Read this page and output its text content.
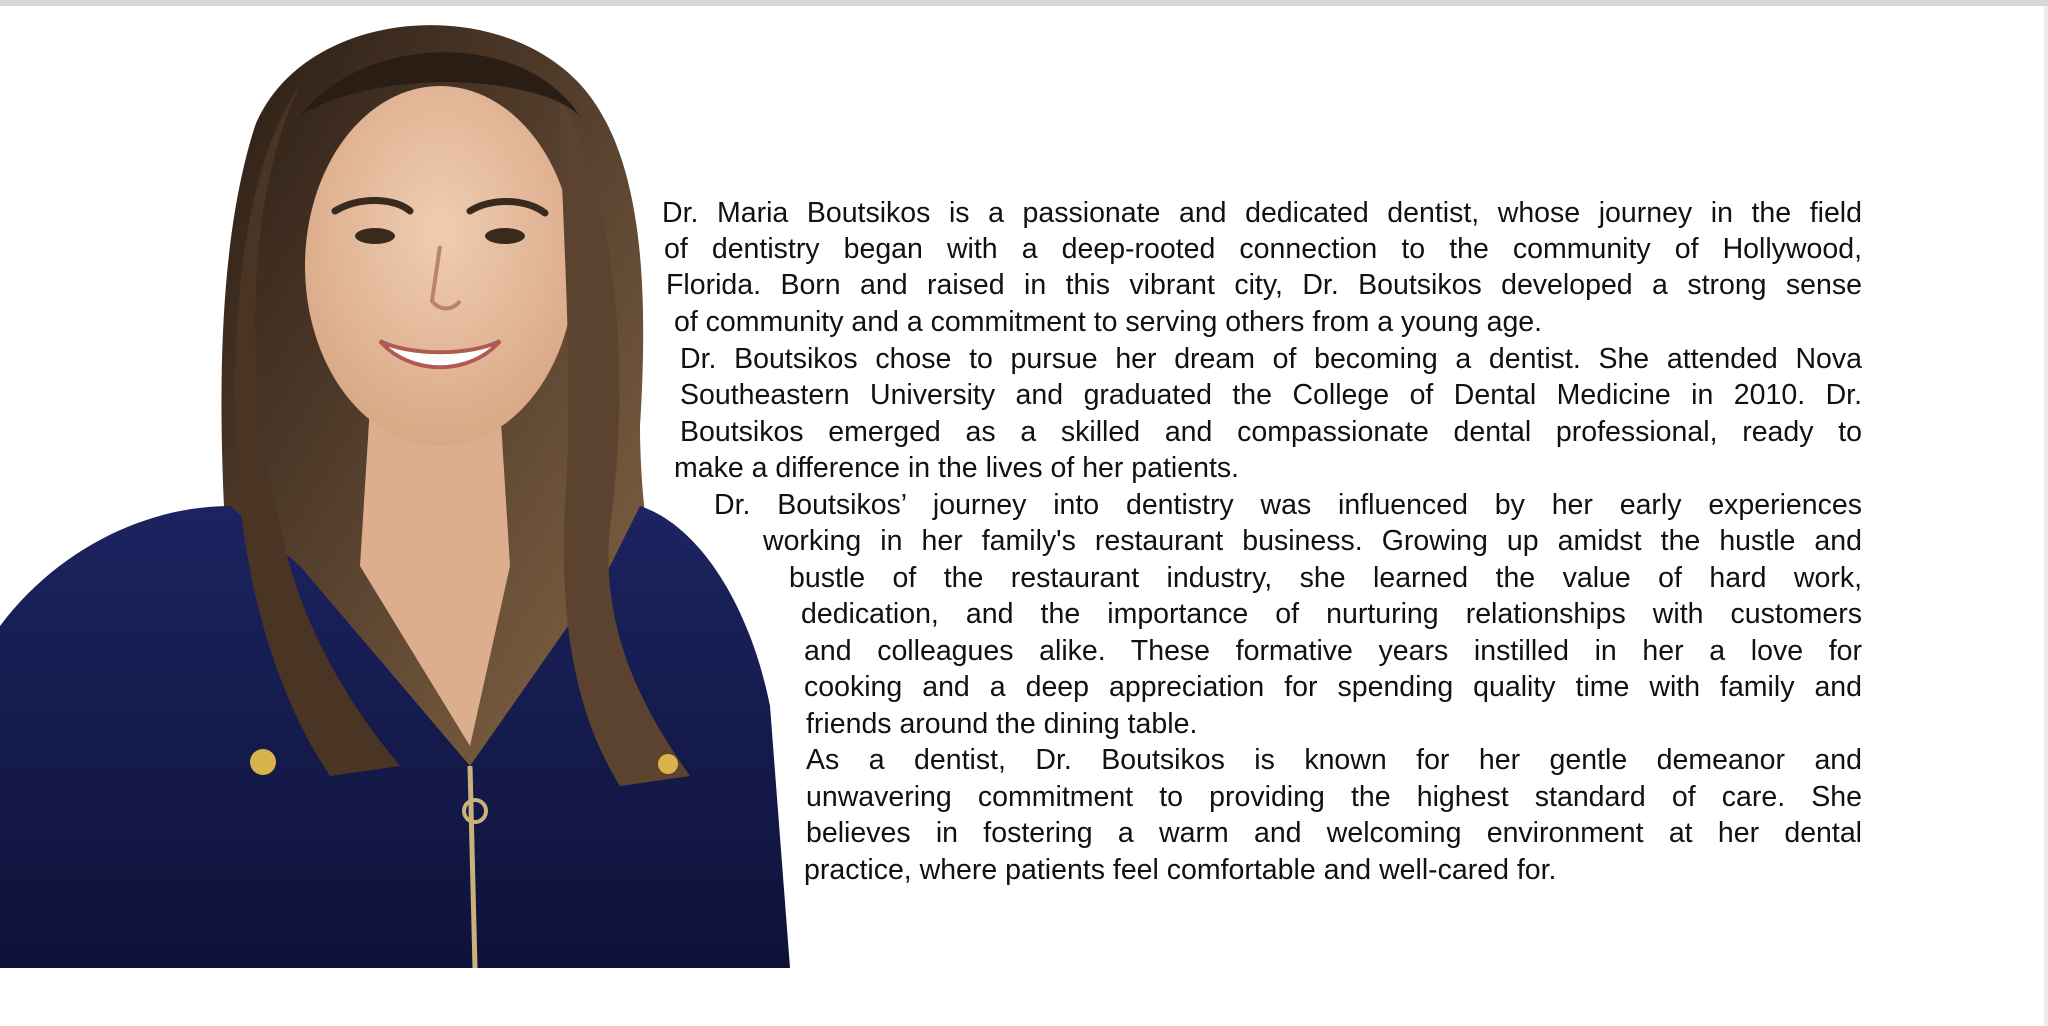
Dr. Maria Boutsikos is a passionate and dedicated dentist, whose journey in the field
of dentistry began with a deep-rooted connection to the community of Hollywood,
Florida. Born and raised in this vibrant city, Dr. Boutsikos developed a strong sense
of community and a commitment to serving others from a young age.
Dr. Boutsikos chose to pursue her dream of becoming a dentist. She attended Nova
Southeastern University and graduated the College of Dental Medicine in 2010. Dr.
Boutsikos emerged as a skilled and compassionate dental professional, ready to
make a difference in the lives of her patients.
Dr. Boutsikos’ journey into dentistry was influenced by her early experiences
working in her family's restaurant business. Growing up amidst the hustle and
bustle of the restaurant industry, she learned the value of hard work,
dedication, and the importance of nurturing relationships with customers
and colleagues alike. These formative years instilled in her a love for
cooking and a deep appreciation for spending quality time with family and
friends around the dining table.
As a dentist, Dr. Boutsikos is known for her gentle demeanor and
unwavering commitment to providing the highest standard of care. She
believes in fostering a warm and welcoming environment at her dental
practice, where patients feel comfortable and well-cared for.
